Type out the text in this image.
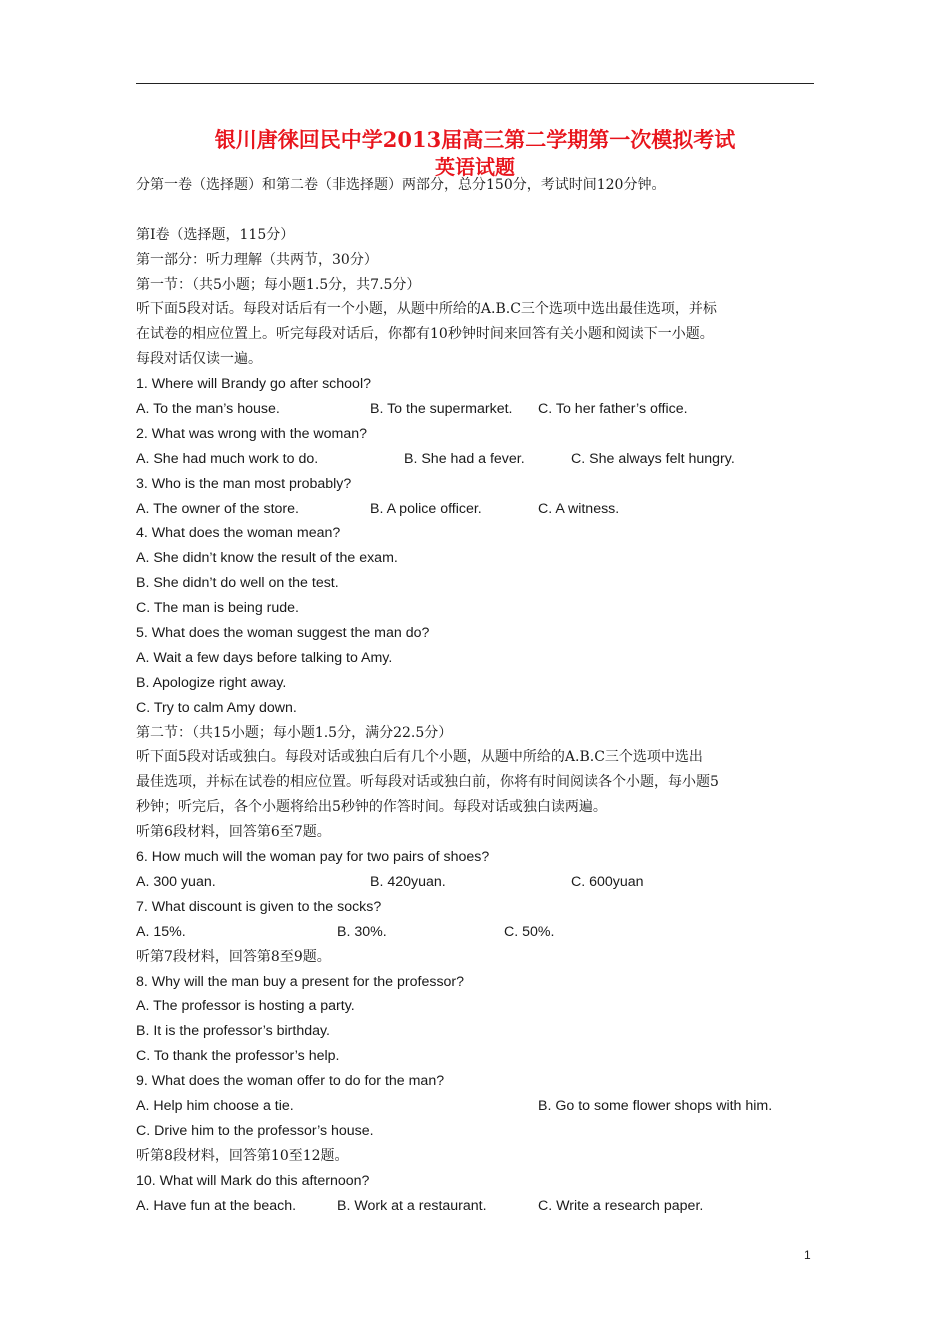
银川唐徕回民中学2013届高三第二学期第一次模拟考试
英语试题
分第一卷（选择题）和第二卷（非选择题）两部分，总分150分，考试时间120分钟。
第I卷（选择题，115分）
第一部分：听力理解（共两节，30分）
第一节：（共5小题；每小题1.5分，共7.5分）
听下面5段对话。每段对话后有一个小题，从题中所给的A.B.C三个选项中选出最佳选项，并标
在试卷的相应位置上。听完每段对话后，你都有10秒钟时间来回答有关小题和阅读下一小题。
每段对话仅读一遍。
1. Where will Brandy go after school?
A. To the man’s house.	B. To the supermarket. C. To her father’s office.
2. What was wrong with the woman?
A. She had much work to do.	B. She had a fever.	C. She always felt hungry.
3. Who is the man most probably?
A. The owner of the store.	B. A police officer.	C. A witness.
4. What does the woman mean?
A. She didn’t know the result of the exam.
B. She didn’t do well on the test.
C. The man is being rude.
5. What does the woman suggest the man do?
A. Wait a few days before talking to Amy.
B. Apologize right away.
C. Try to calm Amy down.
第二节：（共15小题；每小题1.5分，满分22.5分）
听下面5段对话或独白。每段对话或独白后有几个小题，从题中所给的A.B.C三个选项中选出
最佳选项，并标在试卷的相应位置。听每段对话或独白前，你将有时间阅读各个小题，每小题5
秒钟；听完后，各个小题将给出5秒钟的作答时间。每段对话或独白读两遍。
听第6段材料，回答第6至7题。
6. How much will the woman pay for two pairs of shoes?
A. 300 yuan.	B. 420yuan.	C. 600yuan
7. What discount is given to the socks?
A. 15%.	B. 30%.	C. 50%.
听第7段材料，回答第8至9题。
8. Why will the man buy a present for the professor?
A. The professor is hosting a party.
B. It is the professor’s birthday.
C. To thank the professor’s help.
9. What does the woman offer to do for the man?
A. Help him choose a tie.	B. Go to some flower shops with him.
C. Drive him to the professor’s house.
听第8段材料，回答第10至12题。
10. What will Mark do this afternoon?
A. Have fun at the beach.	B. Work at a restaurant.	C. Write a research paper.
1
